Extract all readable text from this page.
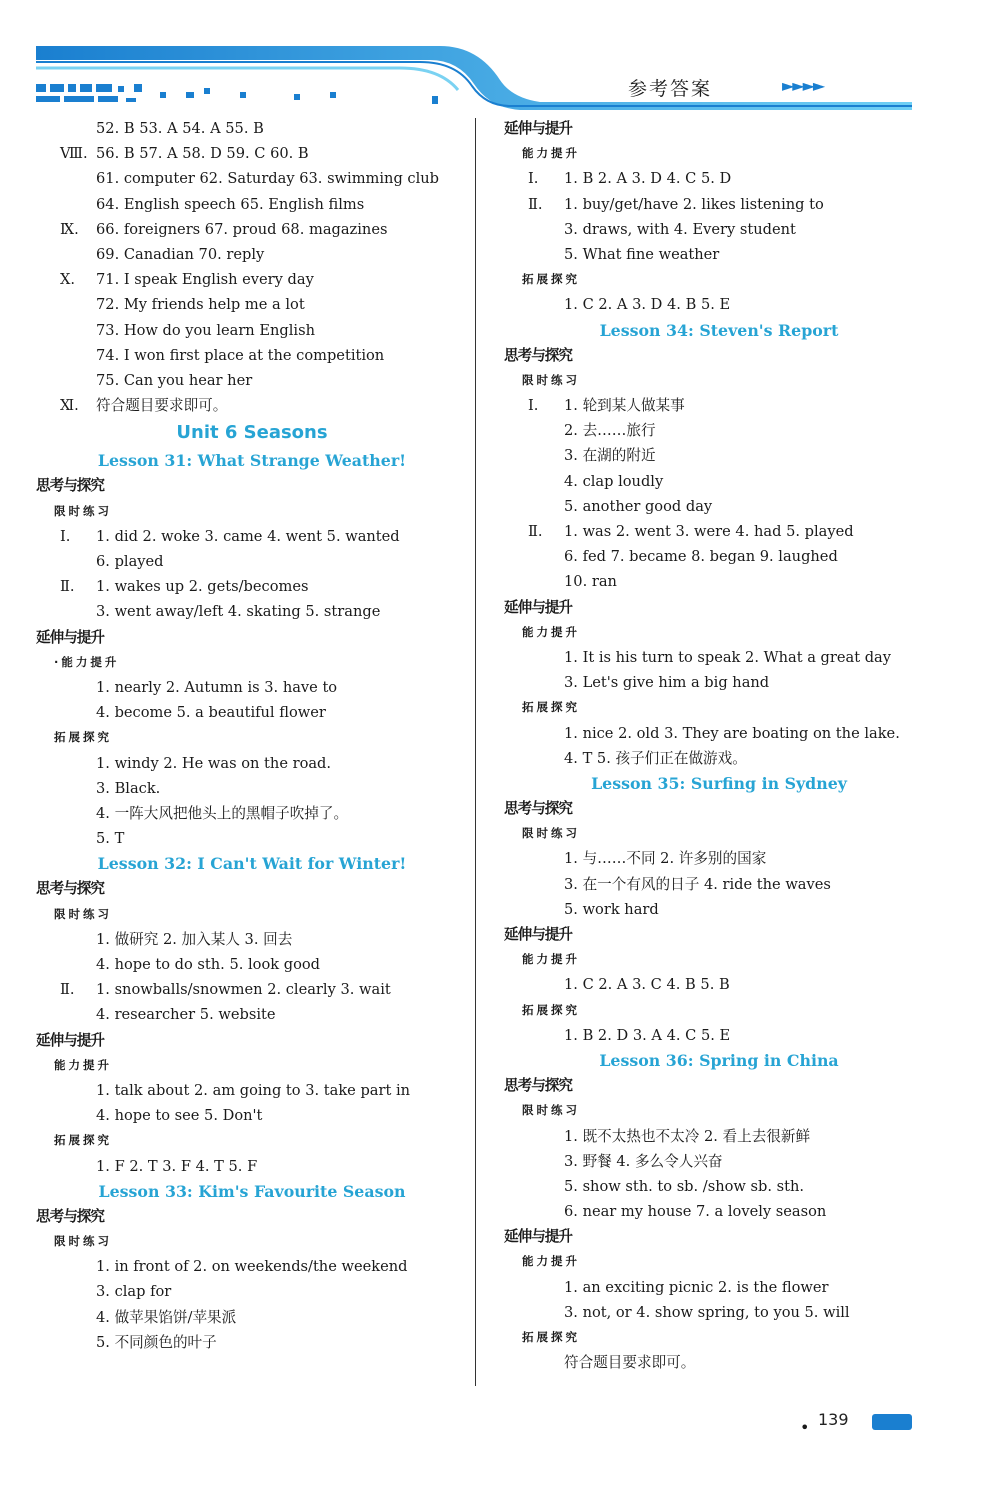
参考答案	►►►►
52. B 53. A 54. A 55. B
Ⅷ. 56. B 57. A 58. D 59. C 60. B
61. computer 62. Saturday 63. swimming club
64. English speech 65. English films
Ⅸ. 66. foreigners 67. proud 68. magazines
69. Canadian 70. reply
Ⅹ. 71. I speak English every day
72. My friends help me a lot
73. How do you learn English
74. I won first place at the competition
75. Can you hear her
Ⅺ. 符合题目要求即可。
Unit 6 Seasons
Lesson 31: What Strange Weather!
思考与探究
限时练习
Ⅰ. 1. did 2. woke 3. came 4. went 5. wanted
6. played
Ⅱ. 1. wakes up 2. gets/becomes
3. went away/left 4. skating 5. strange
延伸与提升
·能力提升
1. nearly 2. Autumn is 3. have to
4. become 5. a beautiful flower
拓展探究
1. windy 2. He was on the road.
3. Black.
4. 一阵大风把他头上的黑帽子吹掉了。
5. T
Lesson 32: I Can't Wait for Winter!
思考与探究
限时练习
1. 做研究 2. 加入某人 3. 回去
4. hope to do sth. 5. look good
Ⅱ. 1. snowballs/snowmen 2. clearly 3. wait
4. researcher 5. website
延伸与提升
能力提升
1. talk about 2. am going to 3. take part in
4. hope to see 5. Don't
拓展探究
1. F 2. T 3. F 4. T 5. F
Lesson 33: Kim's Favourite Season
思考与探究
限时练习
1. in front of 2. on weekends/the weekend
3. clap for
4. 做苹果馅饼/苹果派
5. 不同颜色的叶子
延伸与提升
能力提升
Ⅰ. 1. B 2. A 3. D 4. C 5. D
Ⅱ. 1. buy/get/have 2. likes listening to
3. draws, with 4. Every student
5. What fine weather
拓展探究
1. C 2. A 3. D 4. B 5. E
Lesson 34: Steven's Report
思考与探究
限时练习
Ⅰ. 1. 轮到某人做某事
2. 去……旅行
3. 在湖的附近
4. clap loudly
5. another good day
Ⅱ. 1. was 2. went 3. were 4. had 5. played
6. fed 7. became 8. began 9. laughed
10. ran
延伸与提升
能力提升
1. It is his turn to speak 2. What a great day
3. Let's give him a big hand
拓展探究
1. nice 2. old 3. They are boating on the lake.
4. T 5. 孩子们正在做游戏。
Lesson 35: Surfing in Sydney
思考与探究
限时练习
1. 与……不同 2. 许多别的国家
3. 在一个有风的日子 4. ride the waves
5. work hard
延伸与提升
能力提升
1. C 2. A 3. C 4. B 5. B
拓展探究
1. B 2. D 3. A 4. C 5. E
Lesson 36: Spring in China
思考与探究
限时练习
1. 既不太热也不太冷 2. 看上去很新鲜
3. 野餐 4. 多么令人兴奋
5. show sth. to sb. /show sb. sth.
6. near my house 7. a lovely season
延伸与提升
能力提升
1. an exciting picnic 2. is the flower
3. not, or 4. show spring, to you 5. will
拓展探究
符合题目要求即可。
• 139
